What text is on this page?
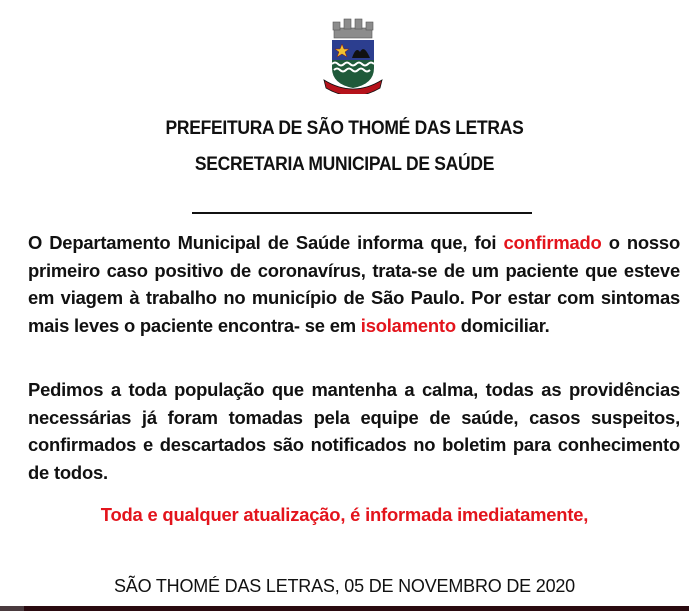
PREFEITURA DE SÃO THOMÉ DAS LETRAS
SECRETARIA MUNICIPAL DE SAÚDE
O Departamento Municipal de Saúde informa que, foi confirmado o nosso primeiro caso positivo de coronavírus, trata-se de um paciente que esteve em viagem à trabalho no município de São Paulo. Por estar com sintomas mais leves o paciente encontra- se em isolamento domiciliar.
Pedimos a toda população que mantenha a calma, todas as providências necessárias já foram tomadas pela equipe de saúde, casos suspeitos, confirmados e descartados são notificados no boletim para conhecimento de todos.
Toda e qualquer atualização, é informada imediatamente,
SÃO THOMÉ DAS LETRAS, 05 DE NOVEMBRO DE 2020
